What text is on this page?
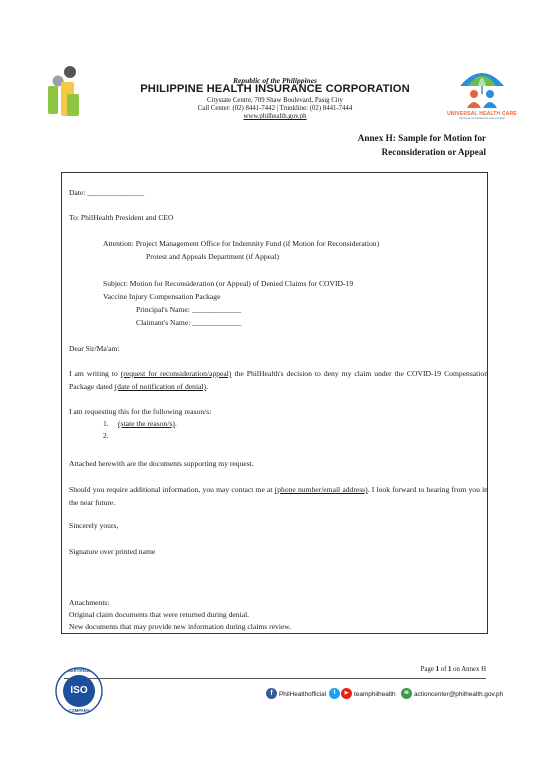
Republic of the Philippines
PHILIPPINE HEALTH INSURANCE CORPORATION
Citystate Centre, 709 Shaw Boulevard, Pasig City
Call Center: (02) 8441-7442 | Trunkline: (02) 8441-7444
www.philhealth.gov.ph	UNIVERSAL HEALTH CARE
Kalusugan at Kapakanan para sa Lahat
Annex H: Sample for Motion for
Reconsideration or Appeal
Date: _______________
To: PhilHealth President and CEO
Attention: Project Management Office for Indemnity Fund (if Motion for Reconsideration)
Protest and Appeals Department (if Appeal)
Subject: Motion for Reconsideration (or Appeal) of Denied Claims for COVID-19
Vaccine Injury Compensation Package
Principal's Name: _____________
Claimant's Name: _____________
Dear Sir/Ma'am:
I am writing to (request for reconsideration/appeal) the PhilHealth's decision to deny my claim under the COVID-19 Compensation Package dated (date of notification of denial).
I am requesting this for the following reason/s:
1. (state the reason/s).
2.
Attached herewith are the documents supporting my request.
Should you require additional information, you may contact me at (phone number/email address). I look forward to hearing from you in the near future.
Sincerely yours,
Signature over printed name
Attachments:
Original claim documents that were returned during denial.
New documents that may provide new information during claims review.
Page 1 of 1 on Annex H
CERTIFIED
ISO
COMPANY
f PhilHealthofficial	t	▶ teamphilhealth	✉ actioncenter@philhealth.gov.ph
